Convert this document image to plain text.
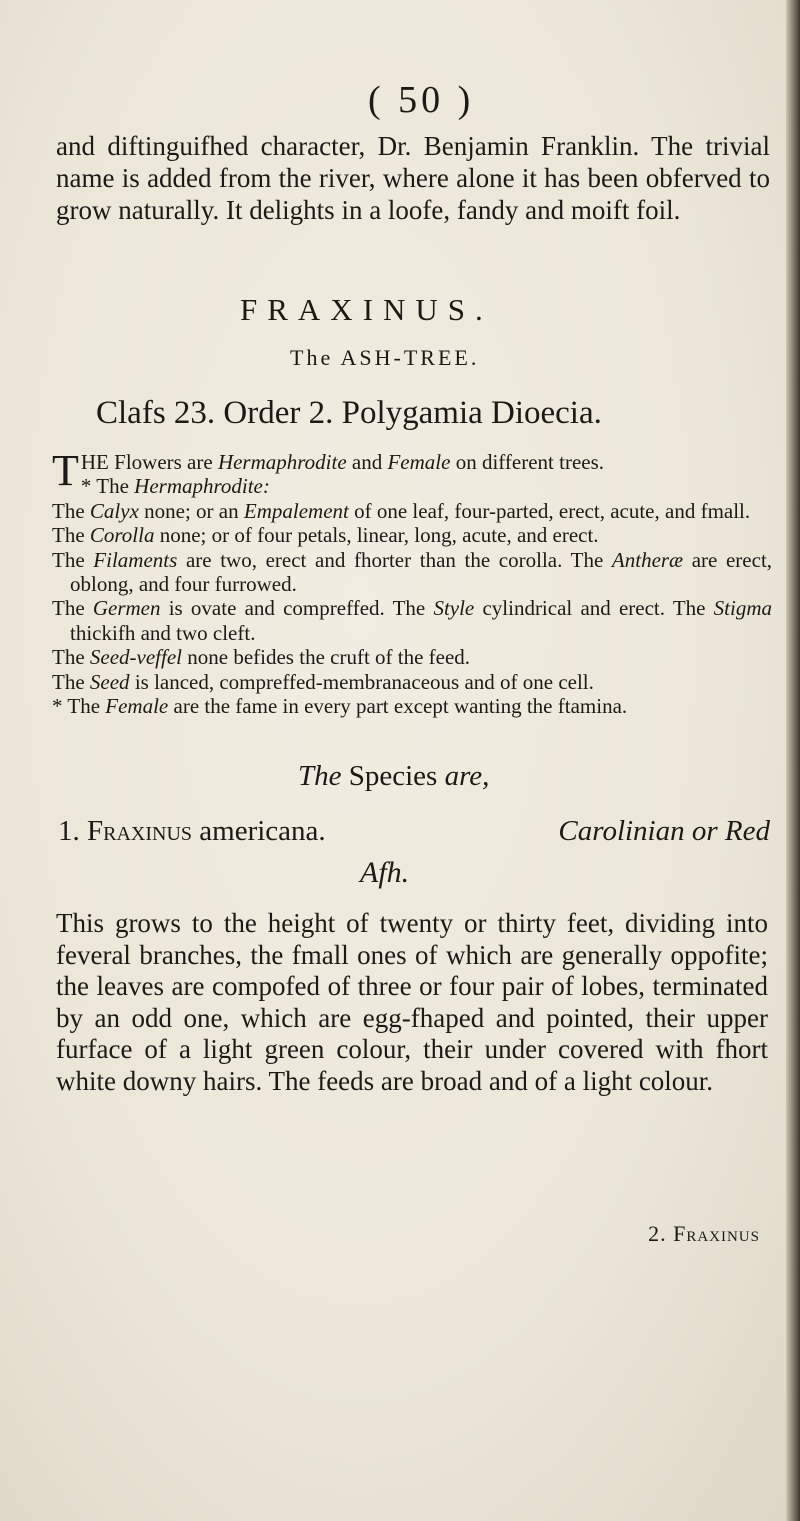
( 50 )
and diftinguifhed character, Dr. Benjamin Franklin. The trivial name is added from the river, where alone it has been obferved to grow naturally. It delights in a loofe, fandy and moift foil.
FRAXINUS.
The ASH-TREE.
Clafs 23. Order 2. Polygamia Dioecia.

THE Flowers are Hermaphrodite and Female on different trees.

* The Hermaphrodite:

The Calyx none; or an Empalement of one leaf, four-parted, erect, acute, and fmall.

The Corolla none; or of four petals, linear, long, acute, and erect.

The Filaments are two, erect and fhorter than the corolla. The Antheræ are erect, oblong, and four furrowed.

The Germen is ovate and compreffed. The Style cylindrical and erect. The Stigma thickifh and two cleft.

The Seed-veffel none befides the cruft of the feed.

The Seed is lanced, compreffed-membranaceous and of one cell.

* The Female are the fame in every part except wanting the ftamina.

The Species are,
1. Fraxinus americana.	Carolinian or Red
Afh.
This grows to the height of twenty or thirty feet, dividing into feveral branches, the fmall ones of which are generally oppofite; the leaves are compofed of three or four pair of lobes, terminated by an odd one, which are egg-fhaped and pointed, their upper furface of a light green colour, their under covered with fhort white downy hairs. The feeds are broad and of a light colour.
2. Fraxinus
